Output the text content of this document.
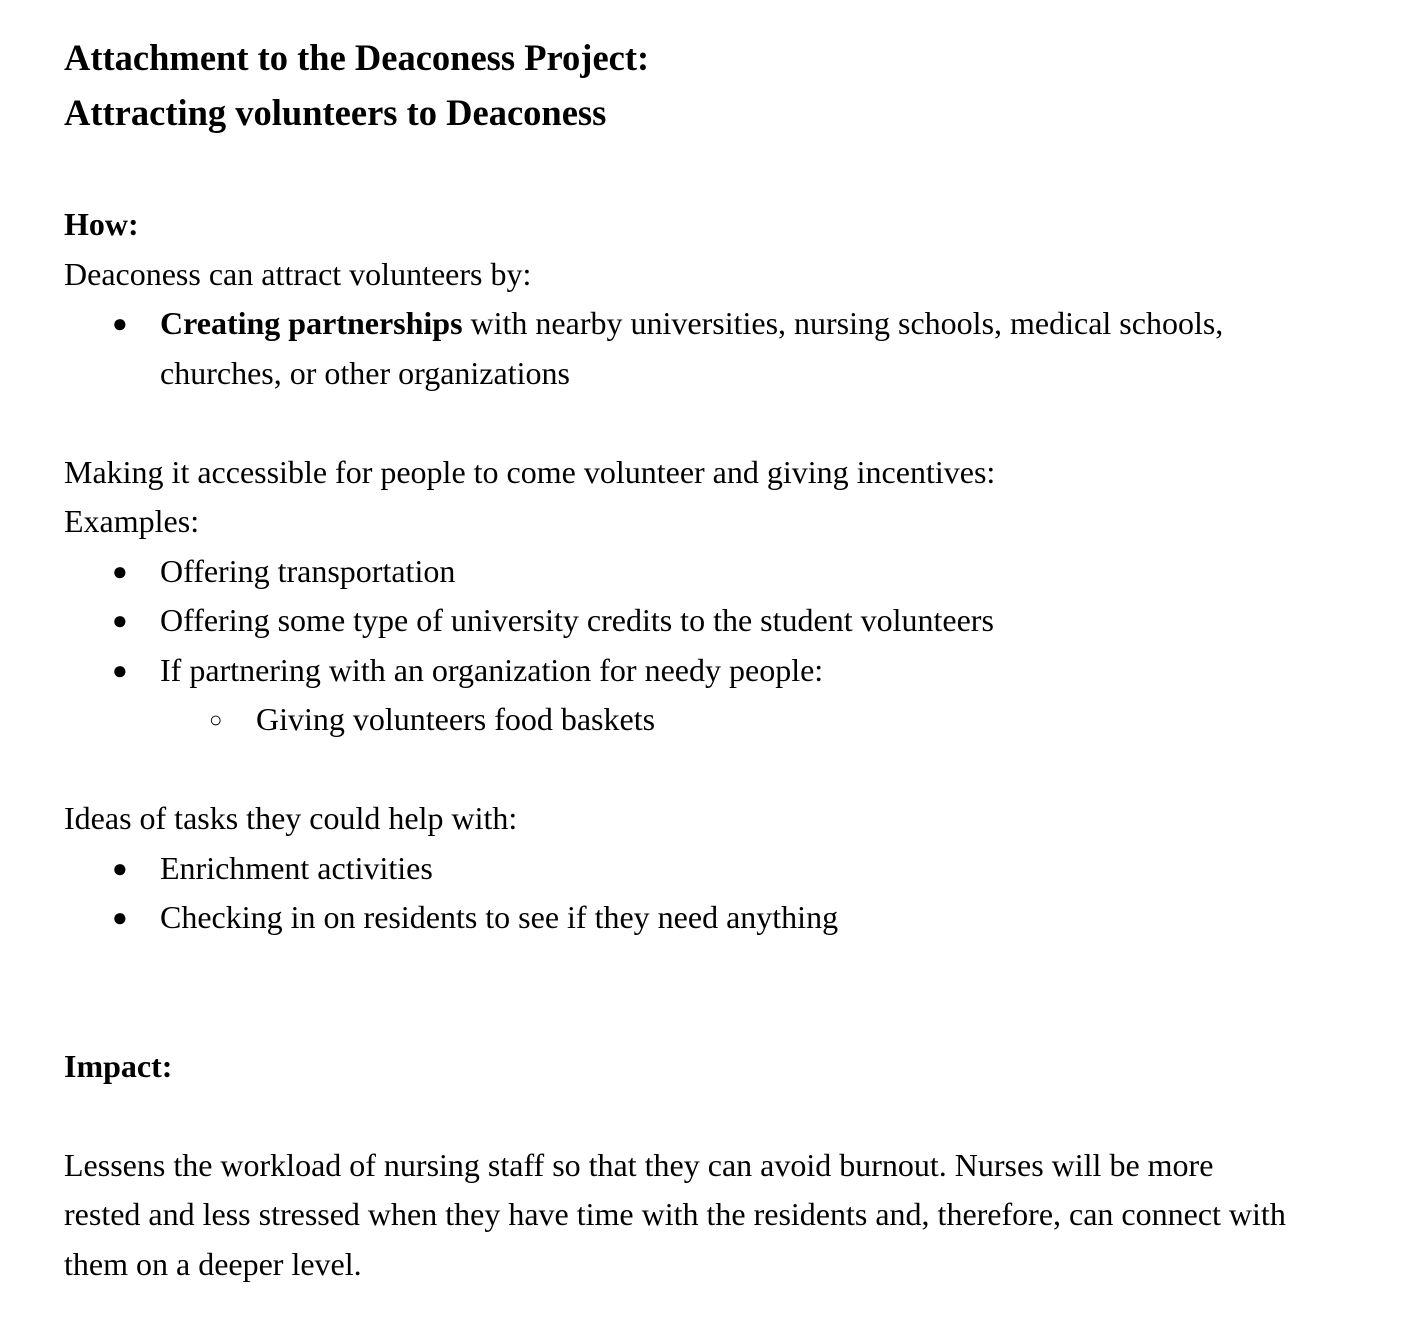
Attachment to the Deaconess Project:
Attracting volunteers to Deaconess

How:

Deaconess can attract volunteers by:

●	Creating partnerships with nearby universities, nursing schools, medical schools, churches, or other organizations

Making it accessible for people to come volunteer and giving incentives:

Examples:

●	Offering transportation
●	Offering some type of university credits to the student volunteers
●	If partnering with an organization for needy people:
○	Giving volunteers food baskets

Ideas of tasks they could help with:

●	Enrichment activities
●	Checking in on residents to see if they need anything

Impact:

Lessens the workload of nursing staff so that they can avoid burnout. Nurses will be more rested and less stressed when they have time with the residents and, therefore, can connect with them on a deeper level.
